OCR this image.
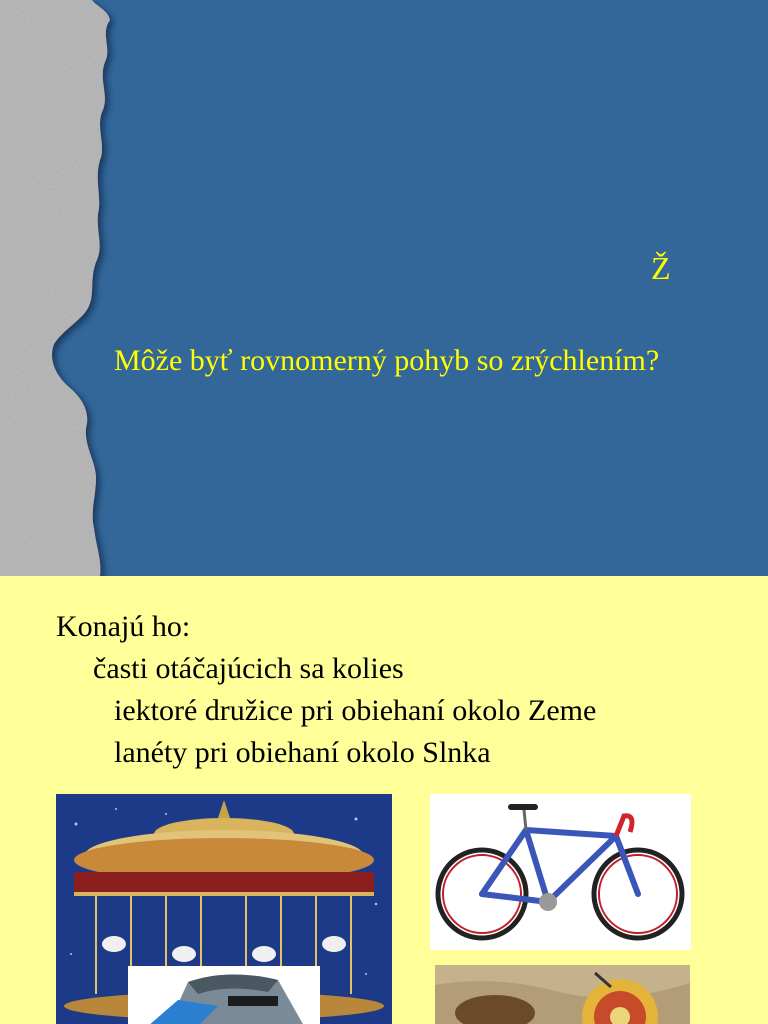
Ž
Môže byť rovnomerný pohyb so zrýchlením?
Konajú ho:
časti otáčajúcich sa kolies
iektoré družice pri obiehaní okolo Zeme
lanéty pri obiehaní okolo Slnka
